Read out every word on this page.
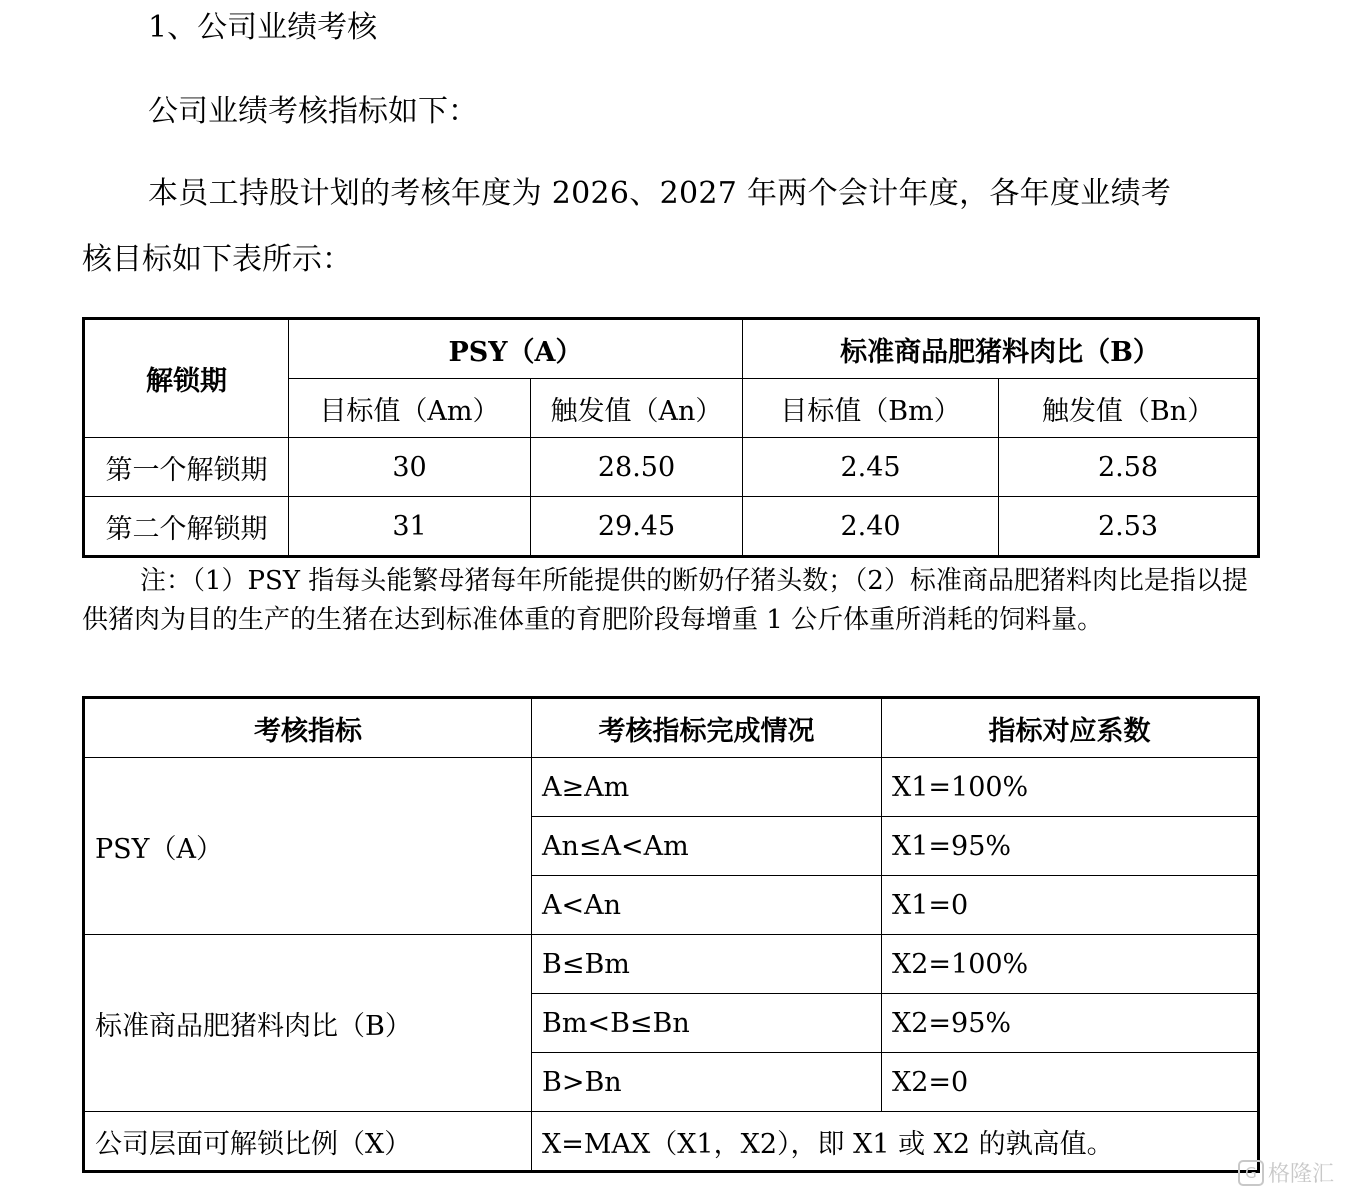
1、公司业绩考核
公司业绩考核指标如下：
本员工持股计划的考核年度为 2026、2027 年两个会计年度，各年度业绩考
核目标如下表所示：
解锁期	PSY（A）		标准商品肥猪料肉比（B）	
	目标值（Am）	触发值（An）	目标值（Bm）	触发值（Bn）
第一个解锁期	30	28.50	2.45	2.58
第二个解锁期	31	29.45	2.40	2.53
注：（1）PSY 指每头能繁母猪每年所能提供的断奶仔猪头数；（2）标准商品肥猪料肉比是指以提供猪肉为目的生产的生猪在达到标准体重的育肥阶段每增重 1 公斤体重所消耗的饲料量。
考核指标	考核指标完成情况	指标对应系数
PSY（A）	A≥Am	X1=100%
	An≤A<Am	X1=95%
	A<An	X1=0
标准商品肥猪料肉比（B）	B≤Bm	X2=100%
	Bm<B≤Bn	X2=95%
	B>Bn	X2=0
公司层面可解锁比例（X）	X=MAX（X1，X2），即 X1 或 X2 的孰高值。	
G 格隆汇
